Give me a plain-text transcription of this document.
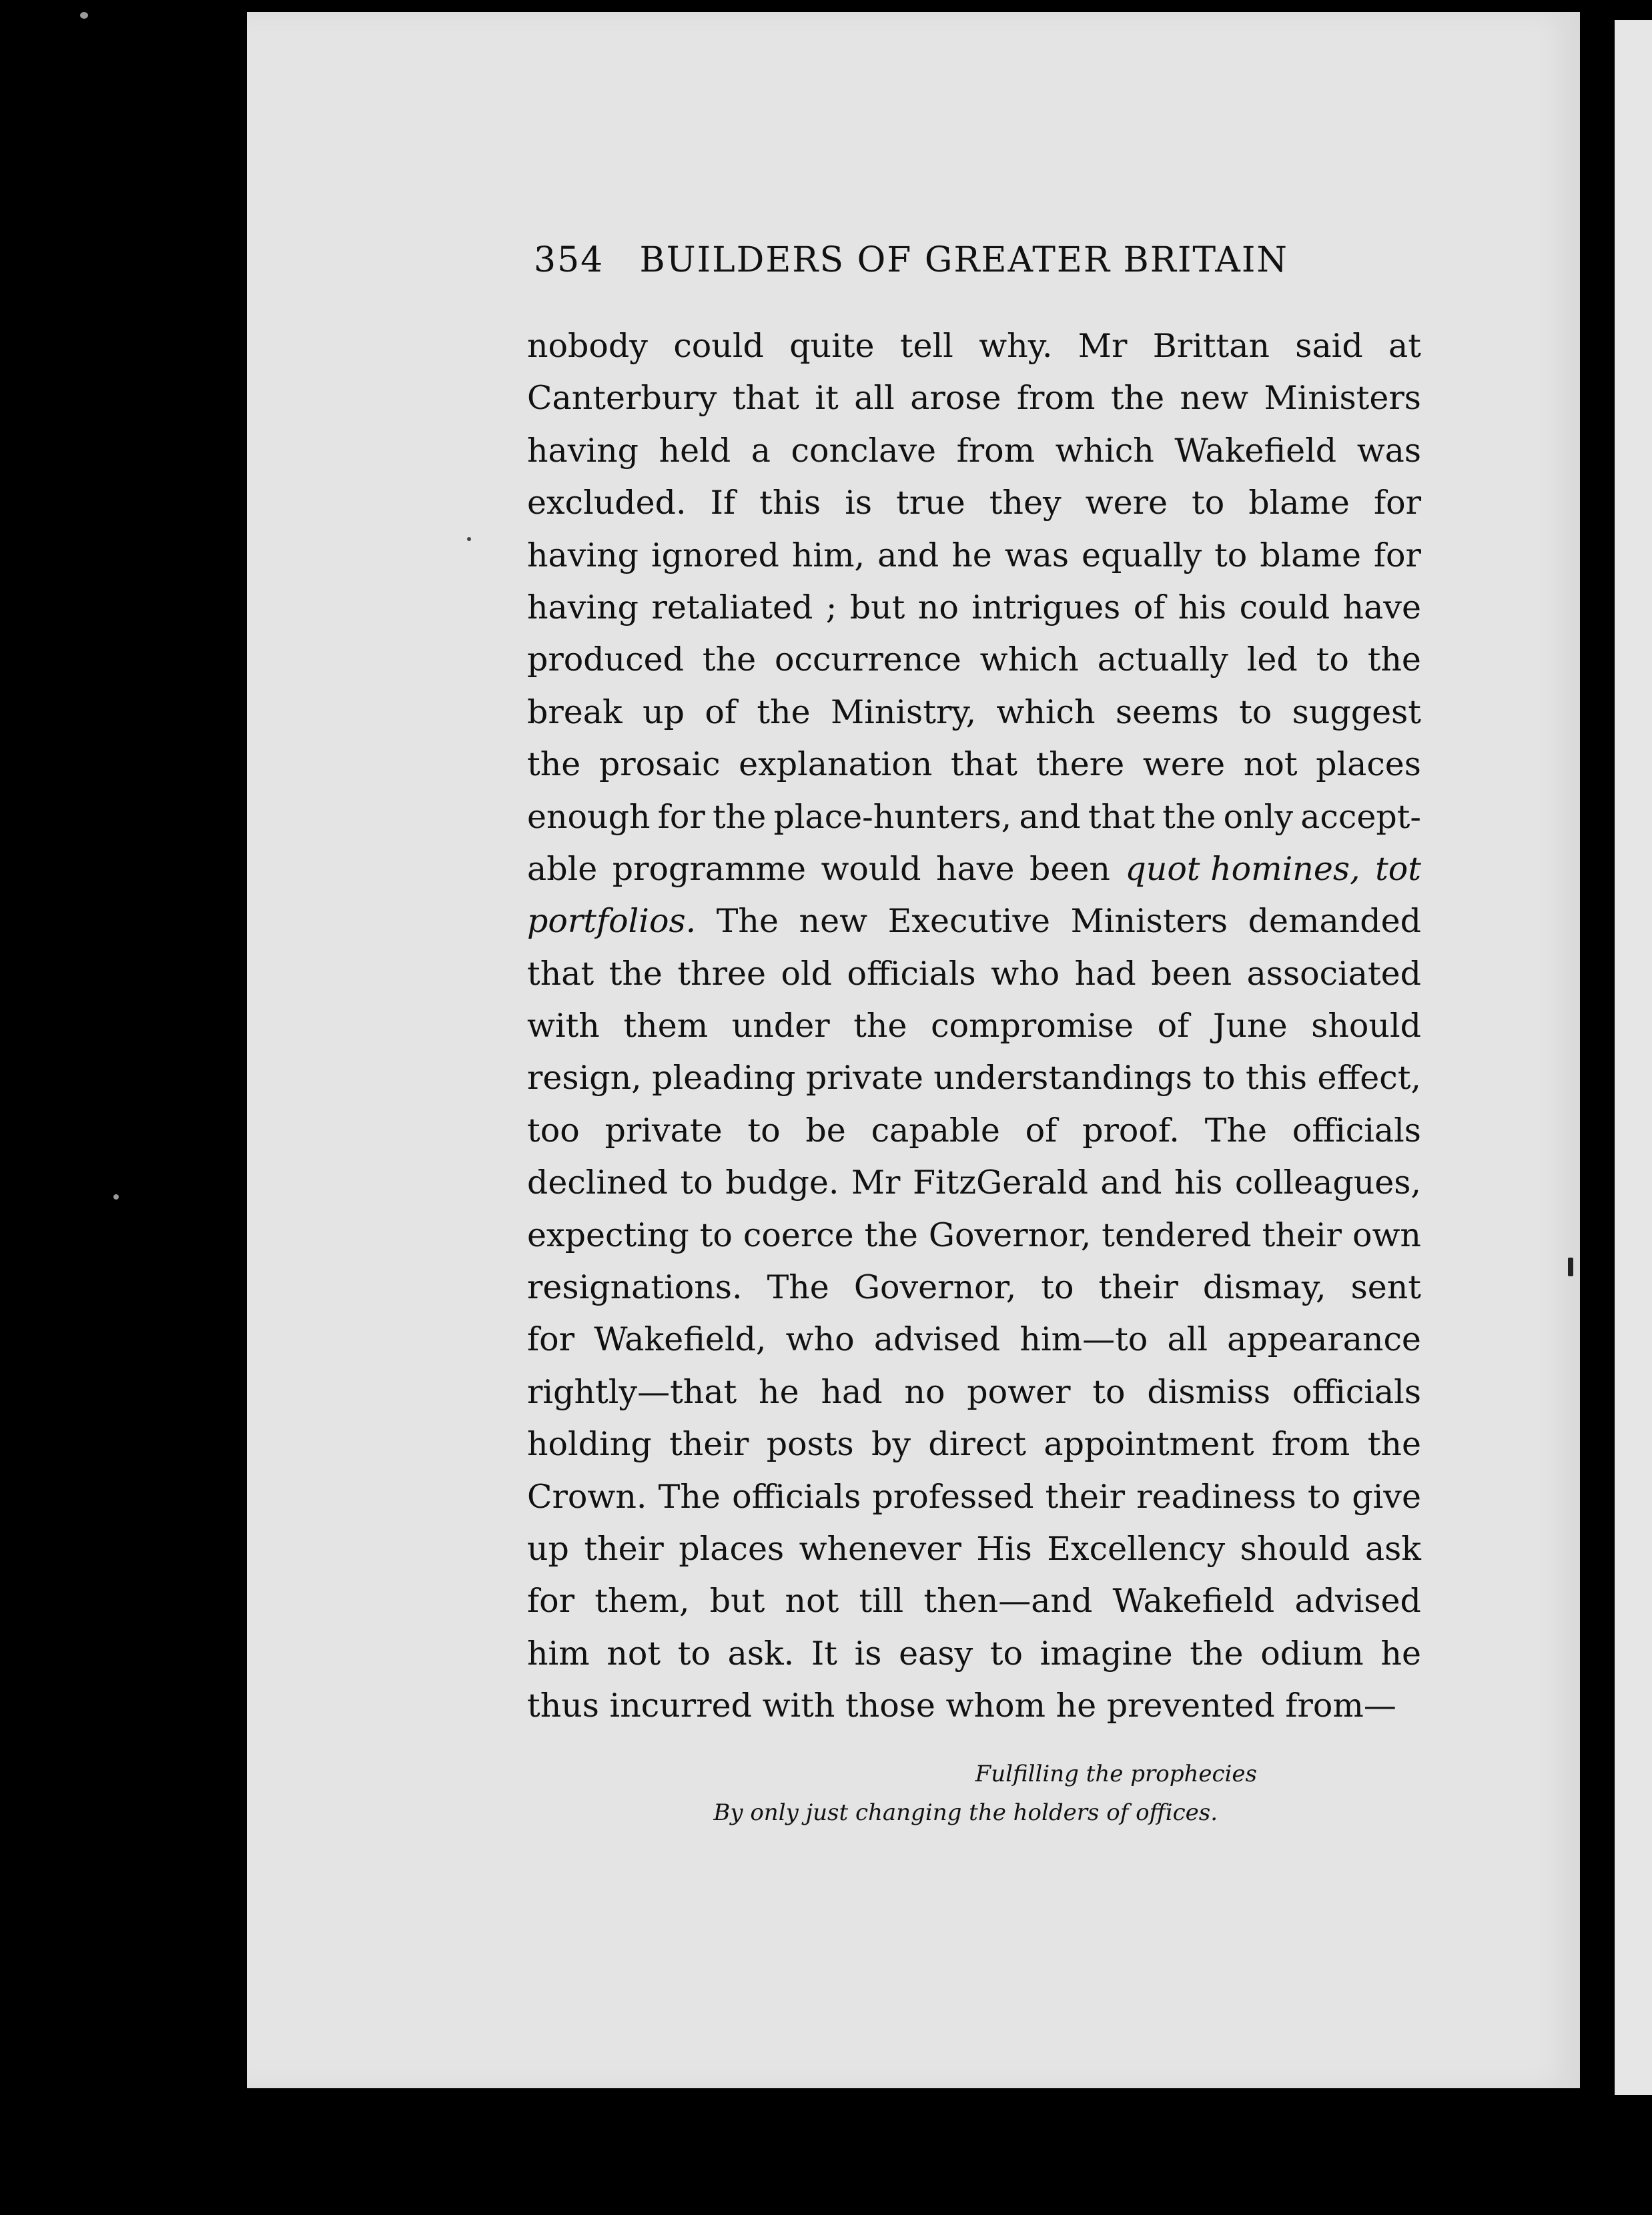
354 BUILDERS OF GREATER BRITAIN
nobody could quite tell why. Mr Brittan said at
Canterbury that it all arose from the new Ministers
having held a conclave from which Wakefield was
excluded. If this is true they were to blame for
having ignored him, and he was equally to blame for
having retaliated ; but no intrigues of his could have
produced the occurrence which actually led to the
break up of the Ministry, which seems to suggest
the prosaic explanation that there were not places
enough for the place-hunters, and that the only accept-
able programme would have been quot homines, tot
portfolios. The new Executive Ministers demanded
that the three old officials who had been associated
with them under the compromise of June should
resign, pleading private understandings to this effect,
too private to be capable of proof. The officials
declined to budge. Mr FitzGerald and his colleagues,
expecting to coerce the Governor, tendered their own
resignations. The Governor, to their dismay, sent
for Wakefield, who advised him—to all appearance
rightly—that he had no power to dismiss officials
holding their posts by direct appointment from the
Crown. The officials professed their readiness to give
up their places whenever His Excellency should ask
for them, but not till then—and Wakefield advised
him not to ask. It is easy to imagine the odium he
thus incurred with those whom he prevented from—
Fulfilling the prophecies
By only just changing the holders of offices.
